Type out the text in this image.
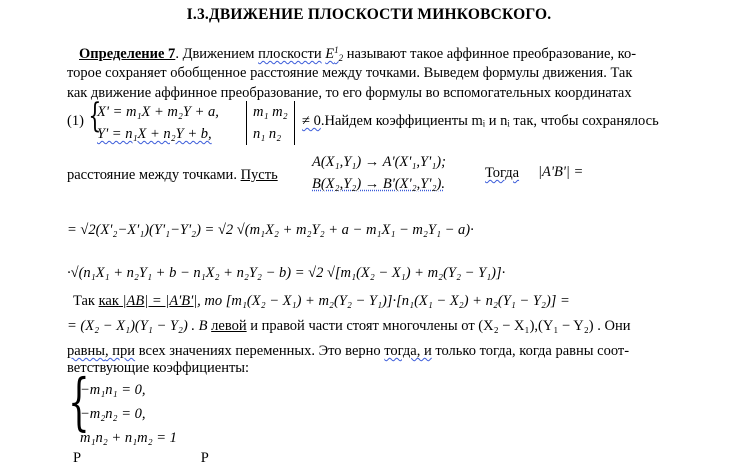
I.3.ДВИЖЕНИЕ ПЛОСКОСТИ МИНКОВСКОГО.
Определение 7. Движением плоскости $E^1_2$ называют такое аффинное преобразование, ко-
торое сохраняет обобщенное расстояние между точками. Выведем формулы движения. Так
как движение аффинное преобразование, то его формулы во вспомогательных координатах
(1) {
X' = m₁X + m₂Y + a,
Y' = n₁X + n₂Y + b,
m₁ m₂
n₁ n₂
≠ 0.Найдем коэффициенты mᵢ и nᵢ так, чтобы сохранялось
расстояние между точками. Пусть
A(X₁,Y₁) → A'(X'₁,Y'₁);
B(X₂,Y₂) → B'(X'₂,Y'₂).
Тогда |A'B'| =
= √2(X'₂−X'₁)(Y'₁−Y'₂) = √2 √(m₁X₂ + m₂Y₂ + a − m₁X₁ − m₂Y₁ − a)·
·√(n₁X₁ + n₂Y₁ + b − n₁X₂ + n₂Y₂ − b) = √2 √[m₁(X₂ − X₁) + m₂(Y₂ − Y₁)]·
Так как |AB| = |A'B'|, то [m₁(X₂ − X₁) + m₂(Y₂ − Y₁)]·[n₁(X₁ − X₂) + n₂(Y₁ − Y₂)] =
= (X₂ − X₁)(Y₁ − Y₂) . В левой и правой части стоят многочлены от (X₂ − X₁),(Y₁ − Y₂) . Они
равны, при всех значениях переменных. Это верно тогда, и только тогда, когда равны соот-
ветствующие коэффициенты:
{
−m₁n₁ = 0,
−m₂n₂ = 0,
m₁n₂ + n₁m₂ = 1
Р                                 Р
